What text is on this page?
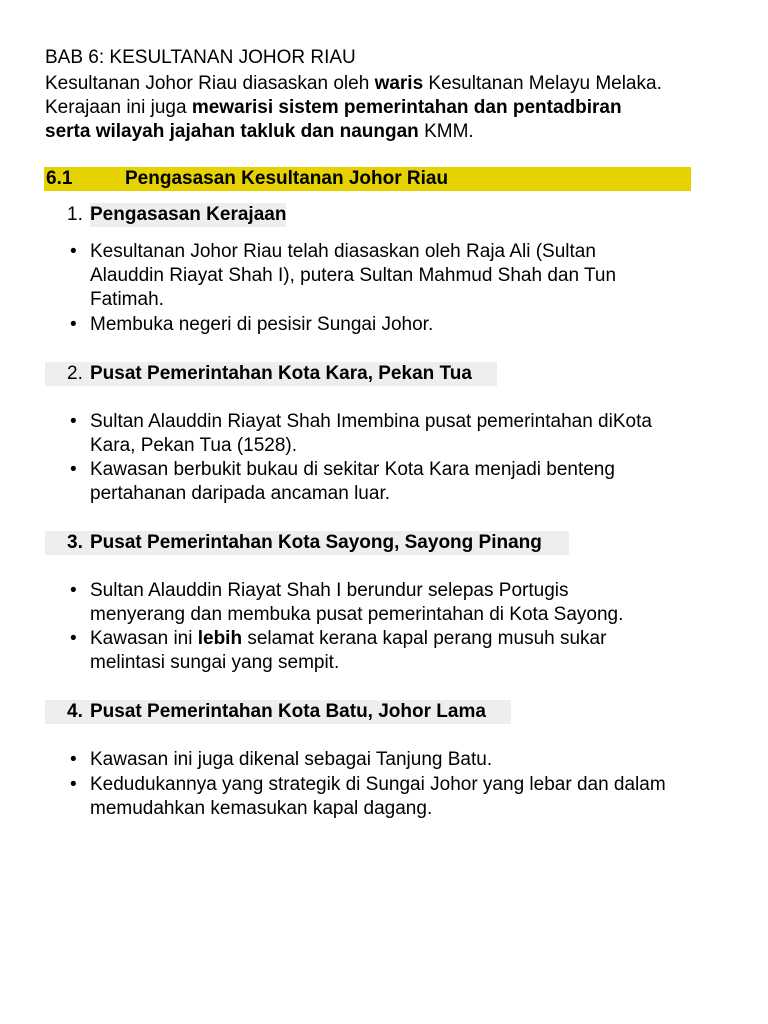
BAB 6: KESULTANAN JOHOR RIAU
Kesultanan Johor Riau diasaskan oleh waris Kesultanan Melayu Melaka.
Kerajaan ini juga mewarisi sistem pemerintahan dan pentadbiran
serta wilayah jajahan takluk dan naungan KMM.
6.1	Pengasasan Kesultanan Johor Riau
1. Pengasasan Kerajaan
• Kesultanan Johor Riau telah diasaskan oleh Raja Ali (Sultan
Alauddin Riayat Shah I), putera Sultan Mahmud Shah dan Tun
Fatimah.
• Membuka negeri di pesisir Sungai Johor.
2. Pusat Pemerintahan Kota Kara, Pekan Tua
• Sultan Alauddin Riayat Shah Imembina pusat pemerintahan diKota
Kara, Pekan Tua (1528).
• Kawasan berbukit bukau di sekitar Kota Kara menjadi benteng
pertahanan daripada ancaman luar.
3. Pusat Pemerintahan Kota Sayong, Sayong Pinang
• Sultan Alauddin Riayat Shah I berundur selepas Portugis
menyerang dan membuka pusat pemerintahan di Kota Sayong.
• Kawasan ini lebih selamat kerana kapal perang musuh sukar
melintasi sungai yang sempit.
4. Pusat Pemerintahan Kota Batu, Johor Lama
• Kawasan ini juga dikenal sebagai Tanjung Batu.
• Kedudukannya yang strategik di Sungai Johor yang lebar dan dalam
memudahkan kemasukan kapal dagang.
